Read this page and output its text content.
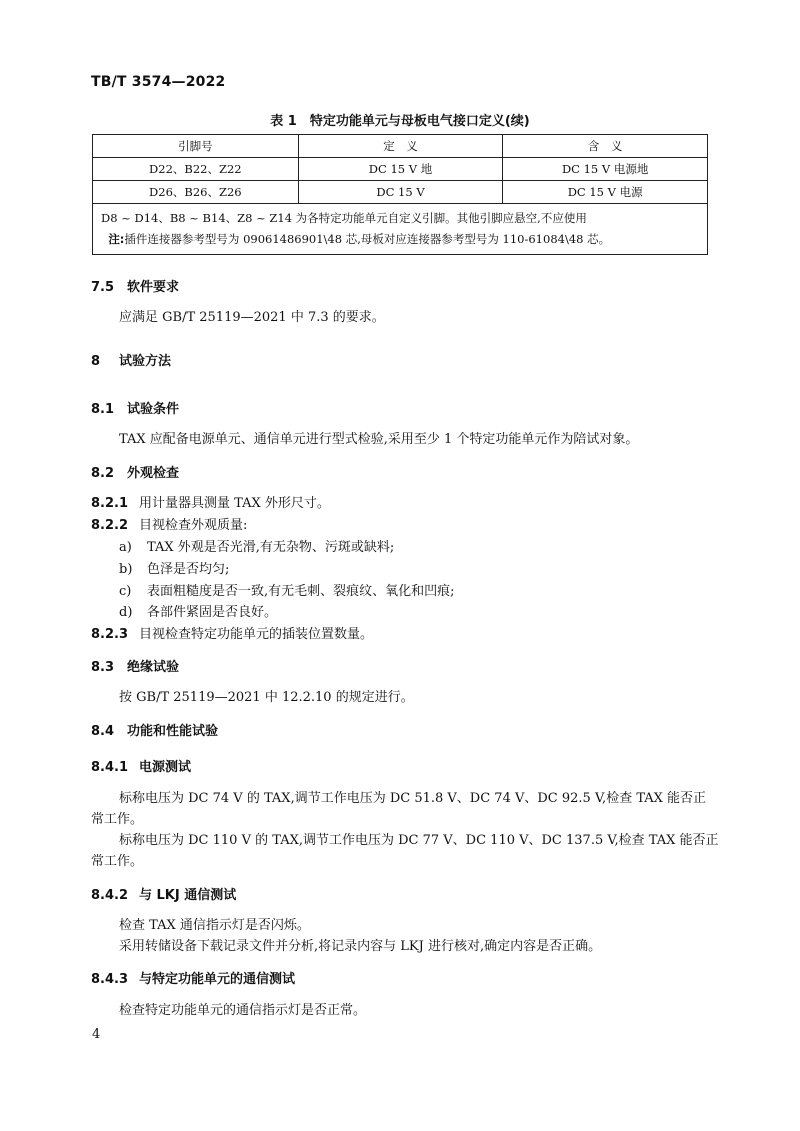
TB/T 3574—2022
表 1　特定功能单元与母板电气接口定义(续)
引脚号	定　义	含　义
D22、B22、Z22	DC 15 V 地	DC 15 V 电源地
D26、B26、Z26	DC 15 V	DC 15 V 电源

D8 ~ D14、B8 ~ B14、Z8 ~ Z14 为各特定功能单元自定义引脚。其他引脚应悬空,不应使用
注:插件连接器参考型号为 09061486901\48 芯,母板对应连接器参考型号为 110-61084\48 芯。		
7.5 软件要求
应满足 GB/T 25119—2021 中 7.3 的要求。
8 试验方法
8.1 试验条件
TAX 应配备电源单元、通信单元进行型式检验,采用至少 1 个特定功能单元作为陪试对象。
8.2 外观检查
8.2.1 用计量器具测量 TAX 外形尺寸。
8.2.2 目视检查外观质量:
a) TAX 外观是否光滑,有无杂物、污斑或缺料;
b) 色泽是否均匀;
c) 表面粗糙度是否一致,有无毛刺、裂痕纹、氧化和凹痕;
d) 各部件紧固是否良好。
8.2.3 目视检查特定功能单元的插装位置数量。
8.3 绝缘试验
按 GB/T 25119—2021 中 12.2.10 的规定进行。
8.4 功能和性能试验
8.4.1 电源测试
标称电压为 DC 74 V 的 TAX,调节工作电压为 DC 51.8 V、DC 74 V、DC 92.5 V,检查 TAX 能否正
常工作。
标称电压为 DC 110 V 的 TAX,调节工作电压为 DC 77 V、DC 110 V、DC 137.5 V,检查 TAX 能否正
常工作。
8.4.2 与 LKJ 通信测试
检查 TAX 通信指示灯是否闪烁。
采用转储设备下载记录文件并分析,将记录内容与 LKJ 进行核对,确定内容是否正确。
8.4.3 与特定功能单元的通信测试
检查特定功能单元的通信指示灯是否正常。
4
